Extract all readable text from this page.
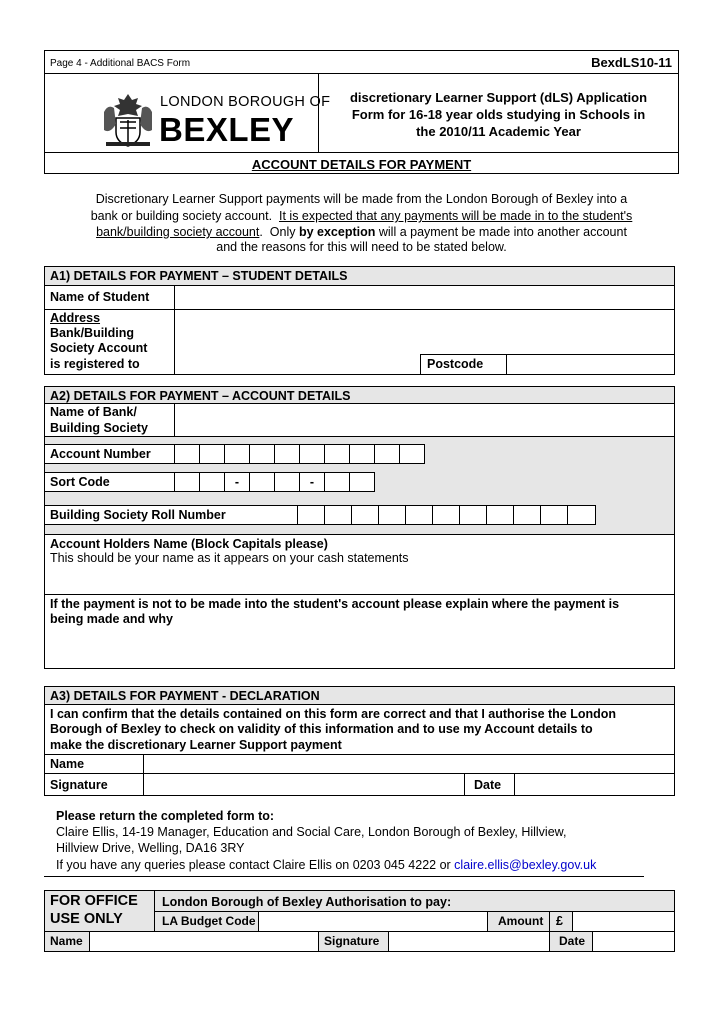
Page 4 - Additional BACS Form	BexdLS10-11
LONDON BOROUGH OF
BEXLEY
discretionary Learner Support (dLS) Application
Form for 16-18 year olds studying in Schools in
the 2010/11 Academic Year
ACCOUNT DETAILS FOR PAYMENT
Discretionary Learner Support payments will be made from the London Borough of Bexley into a
bank or building society account.  It is expected that any payments will be made in to the student's
bank/building society account.  Only by exception will a payment be made into another account
and the reasons for this will need to be stated below.
A1) DETAILS FOR PAYMENT – STUDENT DETAILS
Name of Student
Address
Bank/Building
Society Account
is registered to	Postcode
A2) DETAILS FOR PAYMENT – ACCOUNT DETAILS
Name of Bank/
Building Society
Account Number
Sort Code	-	-
Building Society Roll Number
Account Holders Name (Block Capitals please)
This should be your name as it appears on your cash statements
If the payment is not to be made into the student's account please explain where the payment is
being made and why
A3) DETAILS FOR PAYMENT - DECLARATION
I can confirm that the details contained on this form are correct and that I authorise the London
Borough of Bexley to check on validity of this information and to use my Account details to
make the discretionary Learner Support payment
Name
Signature	Date
Please return the completed form to:
Claire Ellis, 14-19 Manager, Education and Social Care, London Borough of Bexley, Hillview,
Hillview Drive, Welling, DA16 3RY
If you have any queries please contact Claire Ellis on 0203 045 4222 or claire.ellis@bexley.gov.uk
FOR OFFICE
USE ONLY
London Borough of Bexley Authorisation to pay:
LA Budget Code	Amount £
Name	Signature	Date
